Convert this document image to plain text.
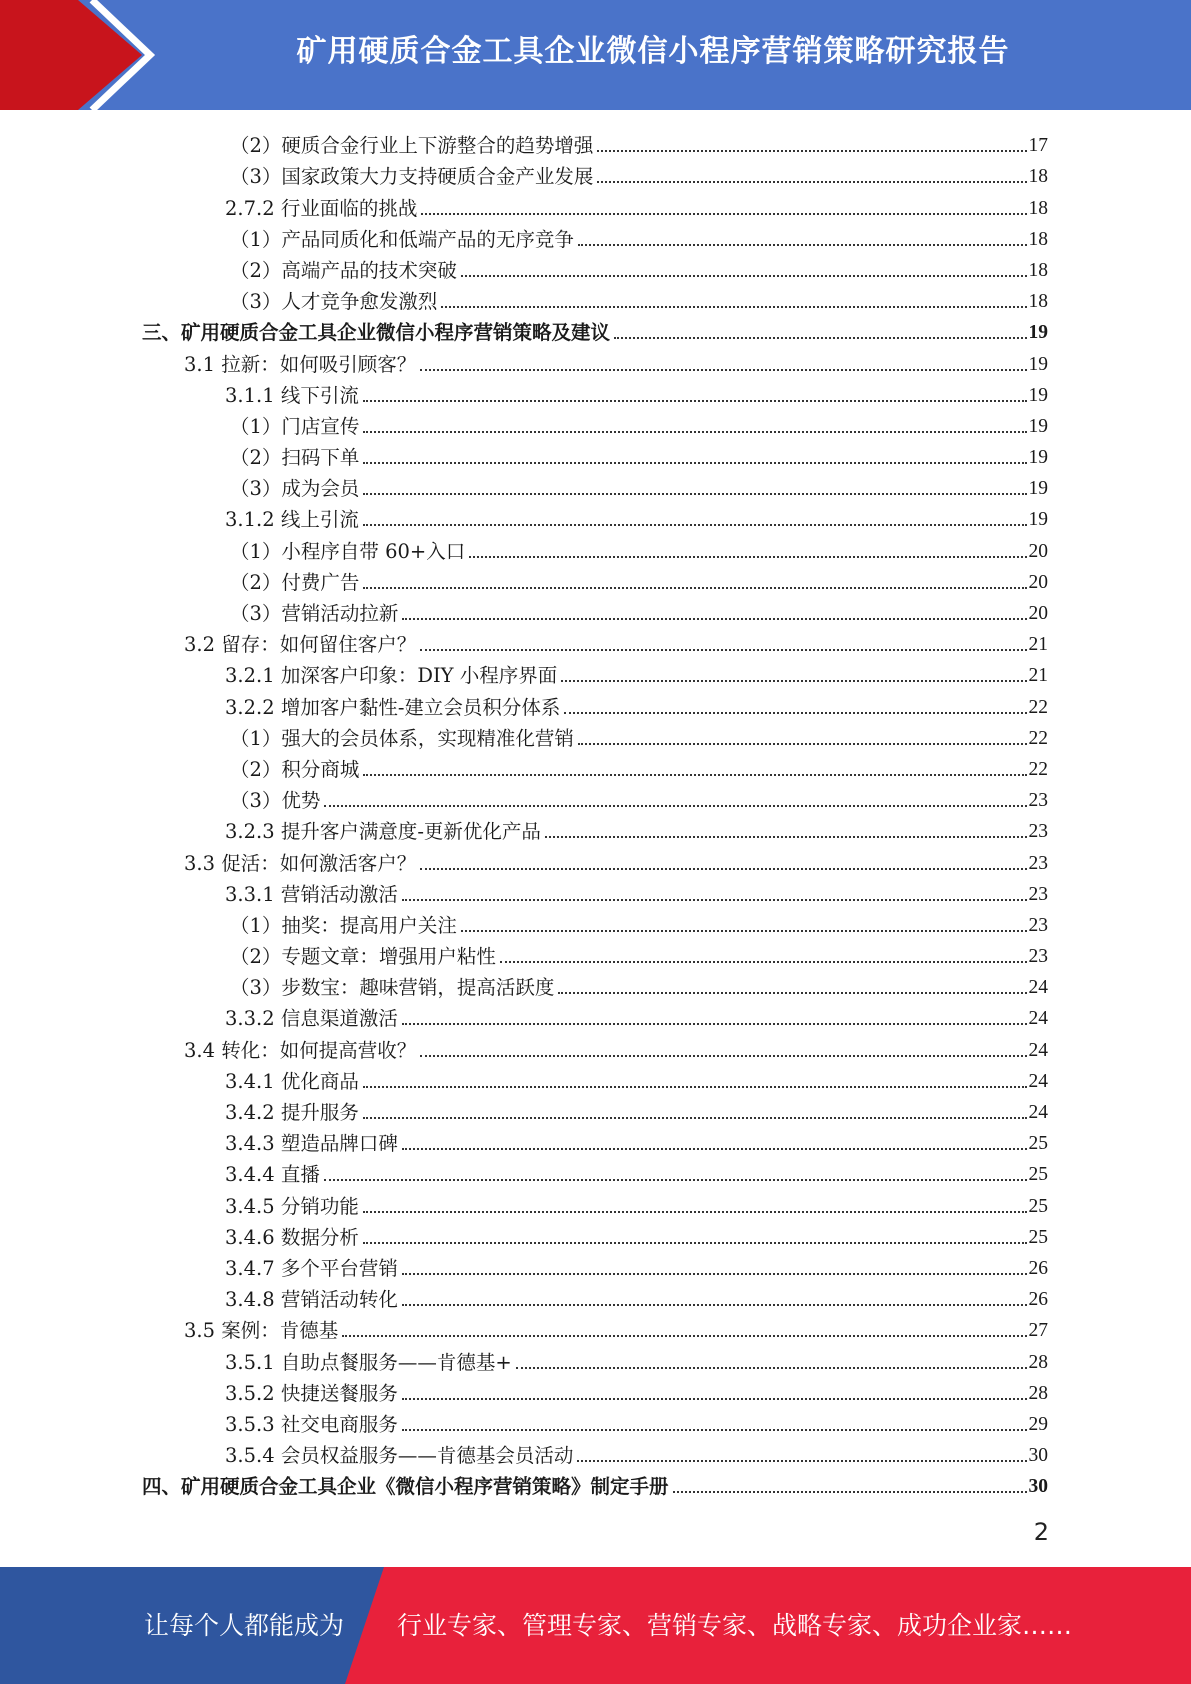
矿用硬质合金工具企业微信小程序营销策略研究报告
（2）硬质合金行业上下游整合的趋势增强	17
（3）国家政策大力支持硬质合金产业发展	18
2.7.2 行业面临的挑战	18
（1）产品同质化和低端产品的无序竞争	18
（2）高端产品的技术突破	18
（3）人才竞争愈发激烈	18
三、矿用硬质合金工具企业微信小程序营销策略及建议	19
3.1 拉新：如何吸引顾客？	19
3.1.1 线下引流	19
（1）门店宣传	19
（2）扫码下单	19
（3）成为会员	19
3.1.2 线上引流	19
（1）小程序自带 60+入口	20
（2）付费广告	20
（3）营销活动拉新	20
3.2 留存：如何留住客户？	21
3.2.1 加深客户印象：DIY 小程序界面	21
3.2.2 增加客户黏性-建立会员积分体系	22
（1）强大的会员体系，实现精准化营销	22
（2）积分商城	22
（3）优势	23
3.2.3 提升客户满意度-更新优化产品	23
3.3 促活：如何激活客户？	23
3.3.1 营销活动激活	23
（1）抽奖：提高用户关注	23
（2）专题文章：增强用户粘性	23
（3）步数宝：趣味营销，提高活跃度	24
3.3.2 信息渠道激活	24
3.4 转化：如何提高营收？	24
3.4.1 优化商品	24
3.4.2 提升服务	24
3.4.3 塑造品牌口碑	25
3.4.4 直播	25
3.4.5 分销功能	25
3.4.6 数据分析	25
3.4.7 多个平台营销	26
3.4.8 营销活动转化	26
3.5 案例：肯德基	27
3.5.1 自助点餐服务——肯德基+	28
3.5.2 快捷送餐服务	28
3.5.3 社交电商服务	29
3.5.4 会员权益服务——肯德基会员活动	30
四、矿用硬质合金工具企业《微信小程序营销策略》制定手册	30
2
让每个人都能成为 行业专家、管理专家、营销专家、战略专家、成功企业家……
